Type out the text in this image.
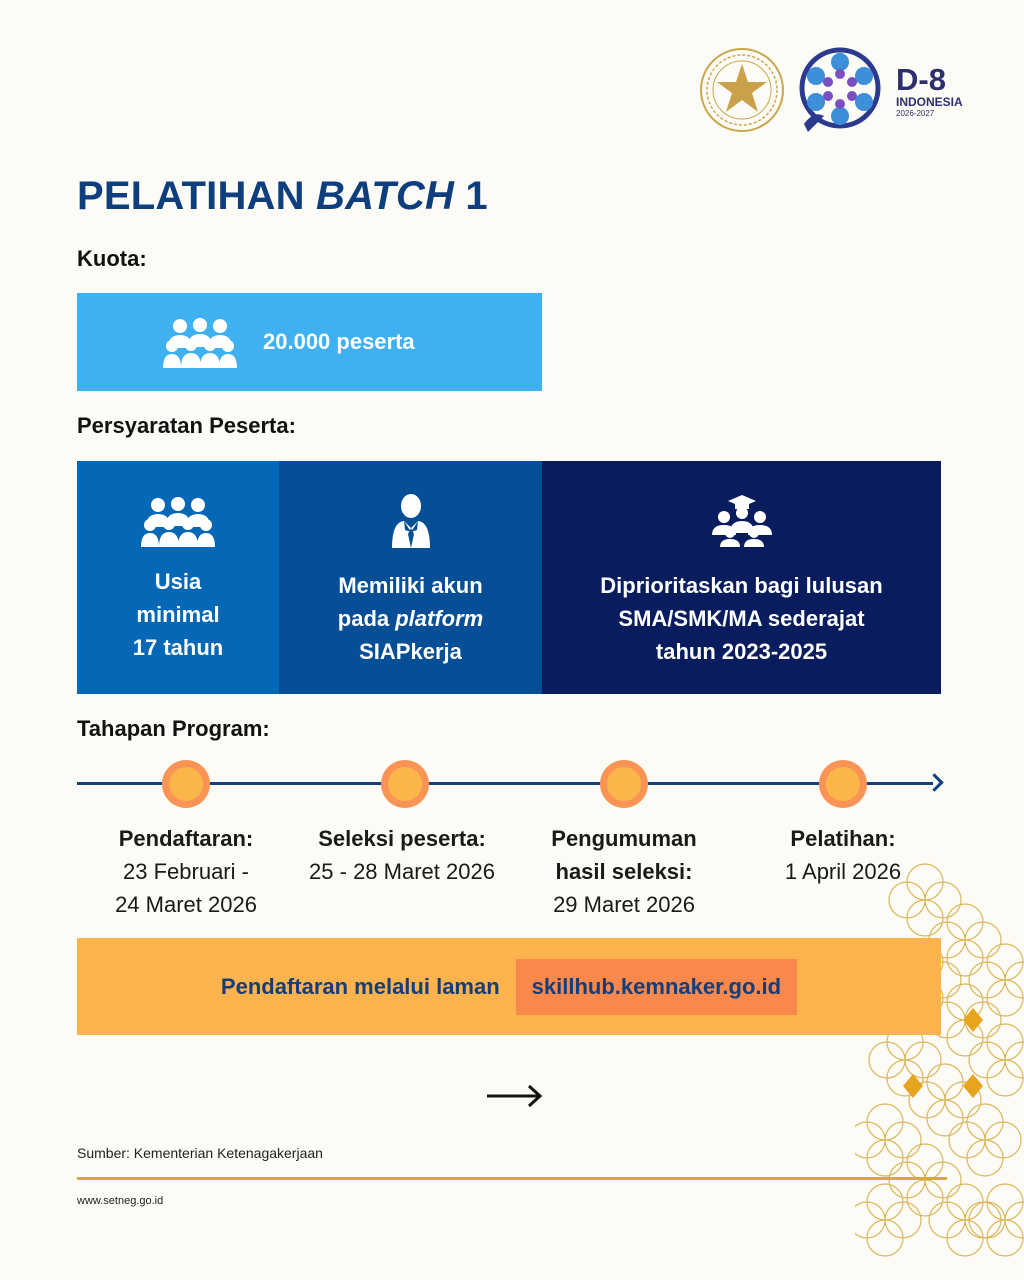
D-8
INDONESIA
2026-2027
PELATIHAN BATCH 1
Kuota:
20.000 peserta
Persyaratan Peserta:
Usia
minimal
17 tahun
Memiliki akun
pada platform
SIAPkerja
Diprioritaskan bagi lulusan
SMA/SMK/MA sederajat
tahun 2023-2025
Tahapan Program:
Pendaftaran:
23 Februari -
24 Maret 2026
Seleksi peserta:
25 - 28 Maret 2026
Pengumuman
hasil seleksi:
29 Maret 2026
Pelatihan:
1 April 2026
Pendaftaran melalui laman	skillhub.kemnaker.go.id
Sumber: Kementerian Ketenagakerjaan
www.setneg.go.id
